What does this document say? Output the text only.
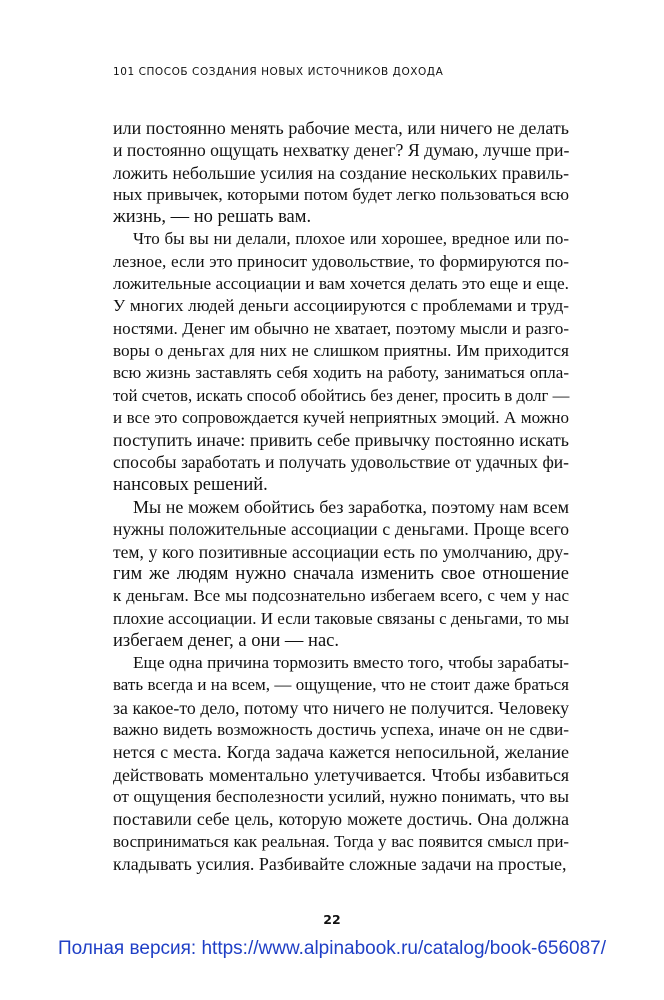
101 СПОСОБ СОЗДАНИЯ НОВЫХ ИСТОЧНИКОВ ДОХОДА
или постоянно менять рабочие места, или ничего не делать
и постоянно ощущать нехватку денег? Я думаю, лучше при-
ложить небольшие усилия на создание нескольких правиль-
ных привычек, которыми потом будет легко пользоваться всю
жизнь, — но решать вам.
Что бы вы ни делали, плохое или хорошее, вредное или по-
лезное, если это приносит удовольствие, то формируются по-
ложительные ассоциации и вам хочется делать это еще и еще.
У многих людей деньги ассоциируются с проблемами и труд-
ностями. Денег им обычно не хватает, поэтому мысли и разго-
воры о деньгах для них не слишком приятны. Им приходится
всю жизнь заставлять себя ходить на работу, заниматься опла-
той счетов, искать способ обойтись без денег, просить в долг —
и все это сопровождается кучей неприятных эмоций. А можно
поступить иначе: привить себе привычку постоянно искать
способы заработать и получать удовольствие от удачных фи-
нансовых решений.
Мы не можем обойтись без заработка, поэтому нам всем
нужны положительные ассоциации с деньгами. Проще всего
тем, у кого позитивные ассоциации есть по умолчанию, дру-
гим же людям нужно сначала изменить свое отношение
к деньгам. Все мы подсознательно избегаем всего, с чем у нас
плохие ассоциации. И если таковые связаны с деньгами, то мы
избегаем денег, а они — нас.
Еще одна причина тормозить вместо того, чтобы зарабаты-
вать всегда и на всем, — ощущение, что не стоит даже браться
за какое-то дело, потому что ничего не получится. Человеку
важно видеть возможность достичь успеха, иначе он не сдви-
нется с места. Когда задача кажется непосильной, желание
действовать моментально улетучивается. Чтобы избавиться
от ощущения бесполезности усилий, нужно понимать, что вы
поставили себе цель, которую можете достичь. Она должна
восприниматься как реальная. Тогда у вас появится смысл при-
кладывать усилия. Разбивайте сложные задачи на простые,
22
Полная версия: https://www.alpinabook.ru/catalog/book-656087/
